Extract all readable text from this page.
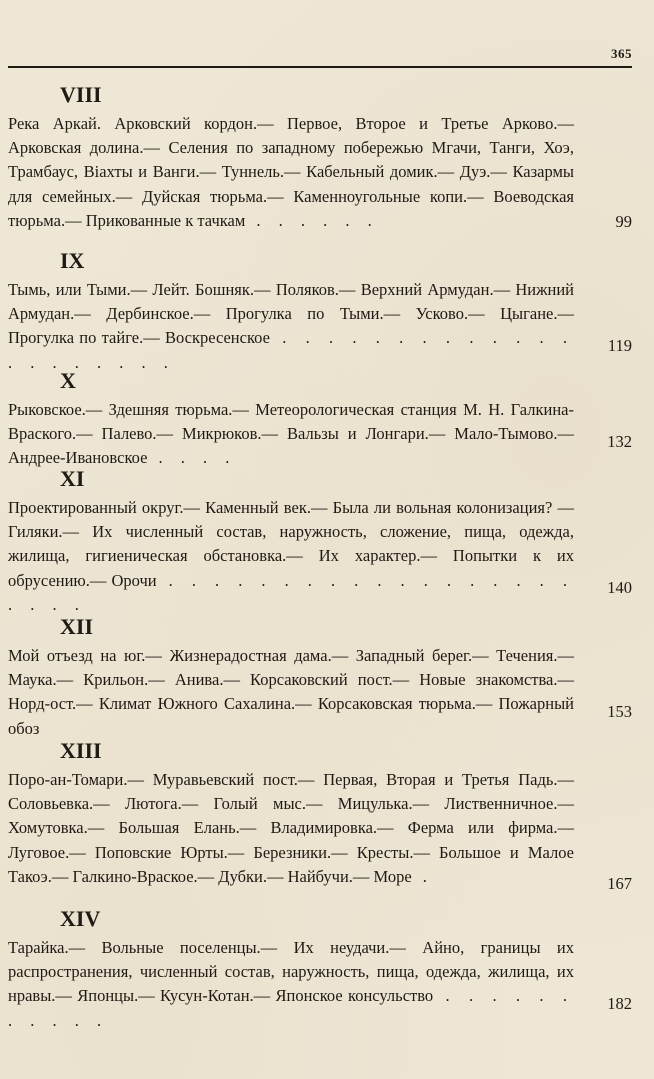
365
VIII

Река Аркай. Арковский кордон.— Первое, Второе и Третье Арково.— Арковская долина.— Селения по западному побережью Мгачи, Танги, Хоэ, Трамбаус, Вiахты и Ванги.— Туннель.— Кабельный домик.— Дуэ.— Казармы для семейных.— Дуйская тюрьма.— Каменноугольные копи.— Воеводская тюрьма.— Прикованные к тачкам . . . . . .	99
IX

Тымь, или Тыми.— Лейт. Бошняк.— Поляков.— Верхний Армудан.— Нижний Армудан.— Дербинское.— Прогулка по Тыми.— Усково.— Цыгане.— Прогулка по тайге.— Воскресенское . . . . . . . . . . . . . . . . . . . . .

119
X

Рыковское.— Здешняя тюрьма.— Метеорологическая станция М. Н. Галкина-Враского.— Палево.— Микрюков.— Вальзы и Лонгари.— Мало-Тымово.— Андрее-Ивановское . . . .

132
XI

Проектированный округ.— Каменный век.— Была ли вольная колонизация? — Гиляки.— Их численный состав, наружность, сложение, пища, одежда, жилища, гигиеническая обстановка.— Их характер.— Попытки к их обрусению.— Орочи . . . . . . . . . . . . . . . . . . . . . .

140
XII

Мой отъезд на юг.— Жизнерадостная дама.— Западный берег.— Течения.— Маука.— Крильон.— Анива.— Корсаковский пост.— Новые знакомства.— Норд-ост.— Климат Южного Сахалина.— Корсаковская тюрьма.— Пожарный обоз

153
XIII

Поро-ан-Томари.— Муравьевский пост.— Первая, Вторая и Третья Падь.— Соловьевка.— Лютога.— Голый мыс.— Мицулька.— Лиственничное.— Хомутовка.— Большая Елань.— Владимировка.— Ферма или фирма.— Луговое.— Поповские Юрты.— Березники.— Кресты.— Большое и Малое Такоэ.— Галкино-Враское.— Дубки.— Найбучи.— Море .	167
XIV

Тарайка.— Вольные поселенцы.— Их неудачи.— Айно, границы их распространения, численный состав, наружность, пища, одежда, жилища, их нравы.— Японцы.— Кусун-Котан.— Японское консульство . . . . . . . . . . .

182
